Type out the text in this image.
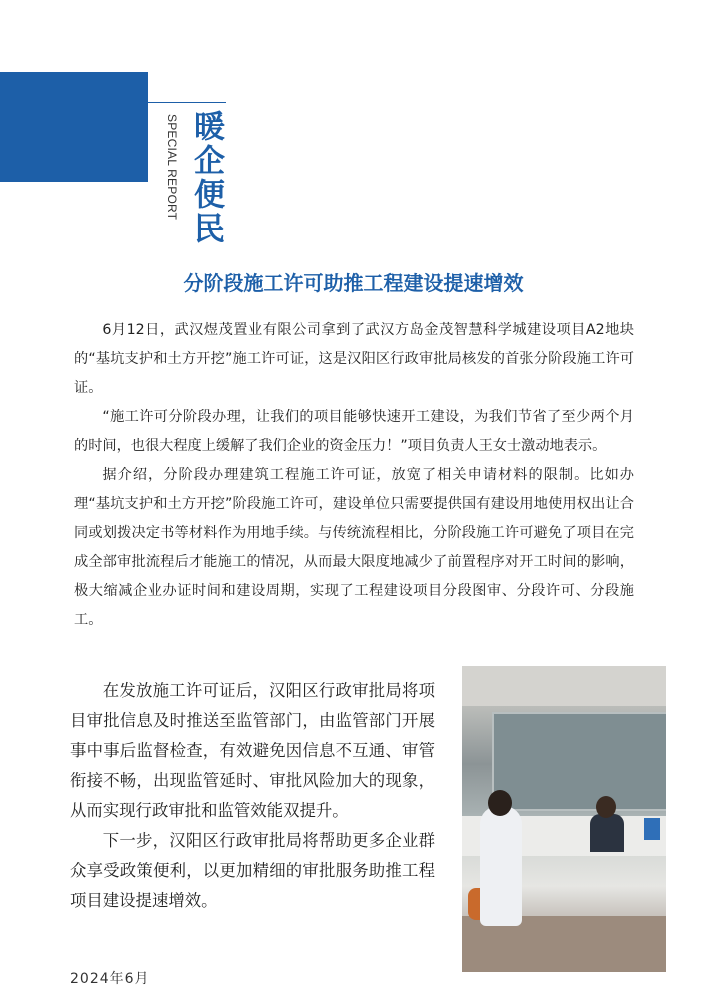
SPECIAL REPORT 暖企便民
分阶段施工许可助推工程建设提速增效

6月12日，武汉煜茂置业有限公司拿到了武汉方岛金茂智慧科学城建设项目A2地块的“基坑支护和土方开挖”施工许可证，这是汉阳区行政审批局核发的首张分阶段施工许可证。

“施工许可分阶段办理，让我们的项目能够快速开工建设，为我们节省了至少两个月的时间，也很大程度上缓解了我们企业的资金压力！”项目负责人王女士激动地表示。

据介绍，分阶段办理建筑工程施工许可证，放宽了相关申请材料的限制。比如办理“基坑支护和土方开挖”阶段施工许可，建设单位只需要提供国有建设用地使用权出让合同或划拨决定书等材料作为用地手续。与传统流程相比，分阶段施工许可避免了项目在完成全部审批流程后才能施工的情况，从而最大限度地减少了前置程序对开工时间的影响，极大缩减企业办证时间和建设周期，实现了工程建设项目分段图审、分段许可、分段施工。

在发放施工许可证后，汉阳区行政审批局将项目审批信息及时推送至监管部门，由监管部门开展事中事后监督检查，有效避免因信息不互通、审管衔接不畅，出现监管延时、审批风险加大的现象，从而实现行政审批和监管效能双提升。

下一步，汉阳区行政审批局将帮助更多企业群众享受政策便利，以更加精细的审批服务助推工程项目建设提速增效。

2024年6月
